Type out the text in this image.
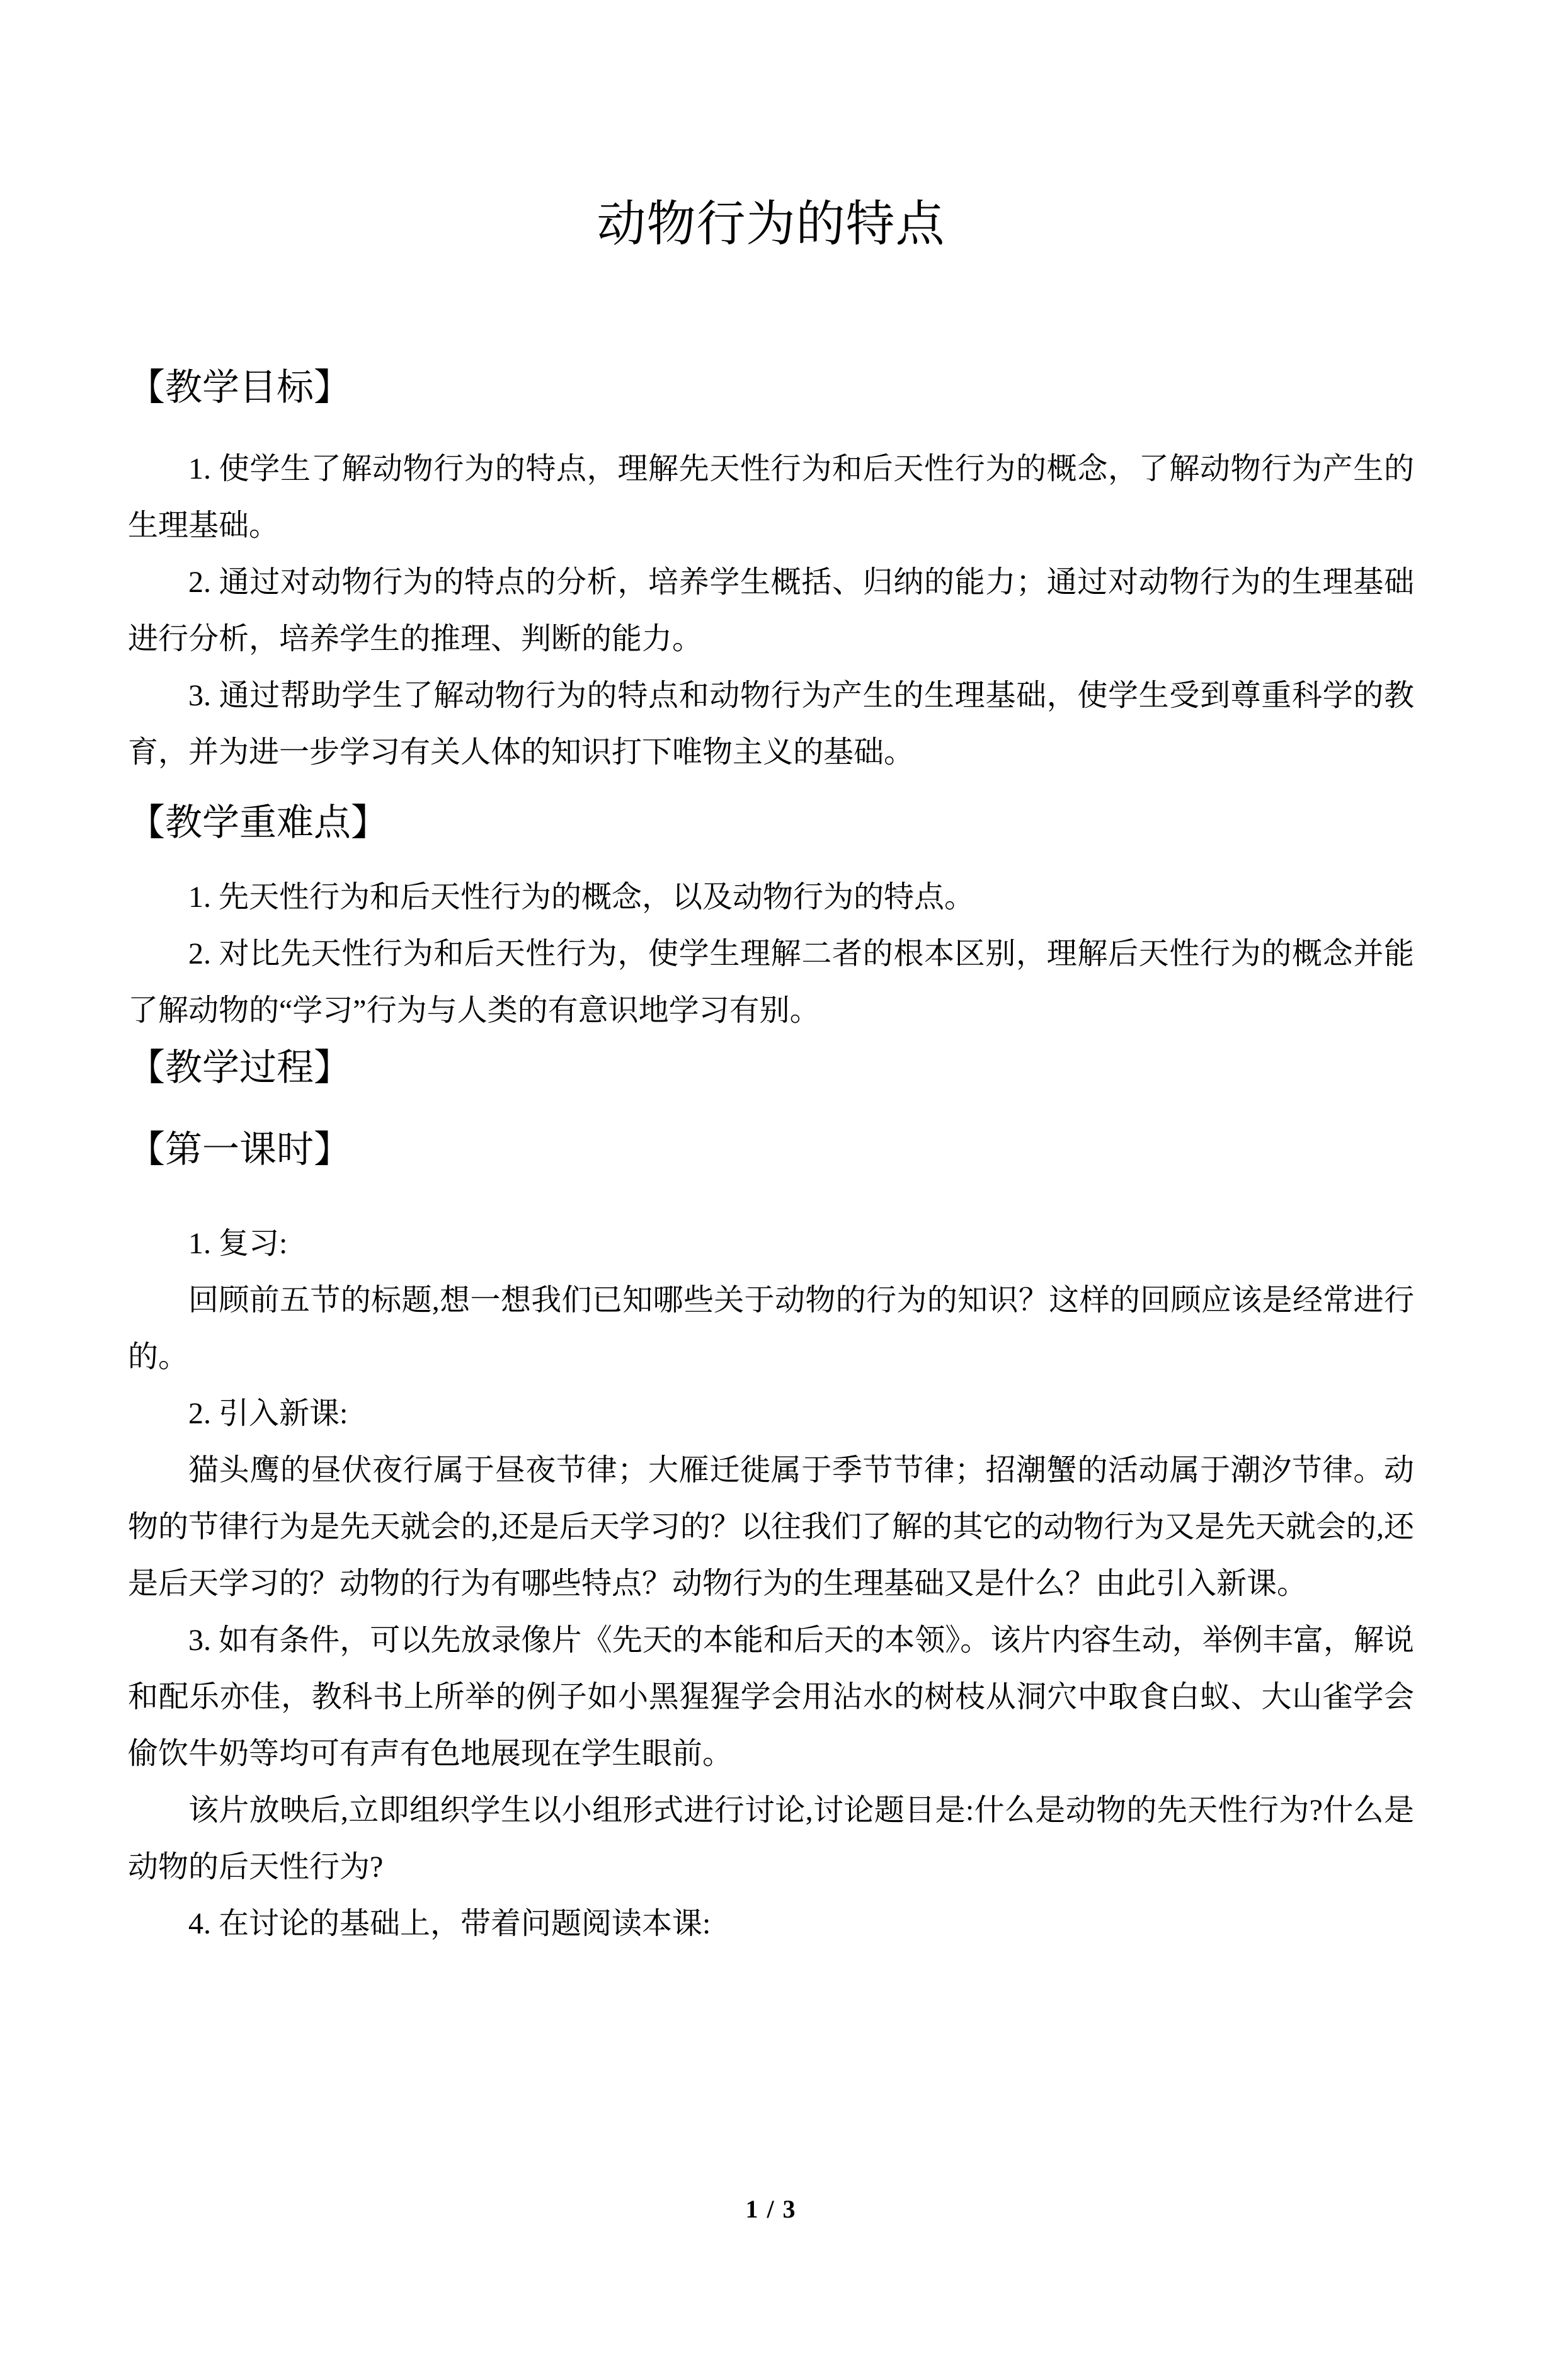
动物行为的特点
【教学目标】

1. 使学生了解动物行为的特点，理解先天性行为和后天性行为的概念，了解动物行为产生的生理基础。

2. 通过对动物行为的特点的分析，培养学生概括、归纳的能力；通过对动物行为的生理基础进行分析，培养学生的推理、判断的能力。

3. 通过帮助学生了解动物行为的特点和动物行为产生的生理基础，使学生受到尊重科学的教育，并为进一步学习有关人体的知识打下唯物主义的基础。

【教学重难点】

1. 先天性行为和后天性行为的概念，以及动物行为的特点。

2. 对比先天性行为和后天性行为，使学生理解二者的根本区别，理解后天性行为的概念并能了解动物的“学习”行为与人类的有意识地学习有别。

【教学过程】
【第一课时】

1. 复习:

回顾前五节的标题,想一想我们已知哪些关于动物的行为的知识？这样的回顾应该是经常进行的。

2. 引入新课:

猫头鹰的昼伏夜行属于昼夜节律；大雁迁徙属于季节节律；招潮蟹的活动属于潮汐节律。动物的节律行为是先天就会的,还是后天学习的？以往我们了解的其它的动物行为又是先天就会的,还是后天学习的？动物的行为有哪些特点？动物行为的生理基础又是什么？由此引入新课。

3. 如有条件，可以先放录像片《先天的本能和后天的本领》。该片内容生动，举例丰富，解说和配乐亦佳，教科书上所举的例子如小黑猩猩学会用沾水的树枝从洞穴中取食白蚁、大山雀学会偷饮牛奶等均可有声有色地展现在学生眼前。

该片放映后,立即组织学生以小组形式进行讨论,讨论题目是:什么是动物的先天性行为?什么是动物的后天性行为?

4. 在讨论的基础上，带着问题阅读本课:

1 / 3
